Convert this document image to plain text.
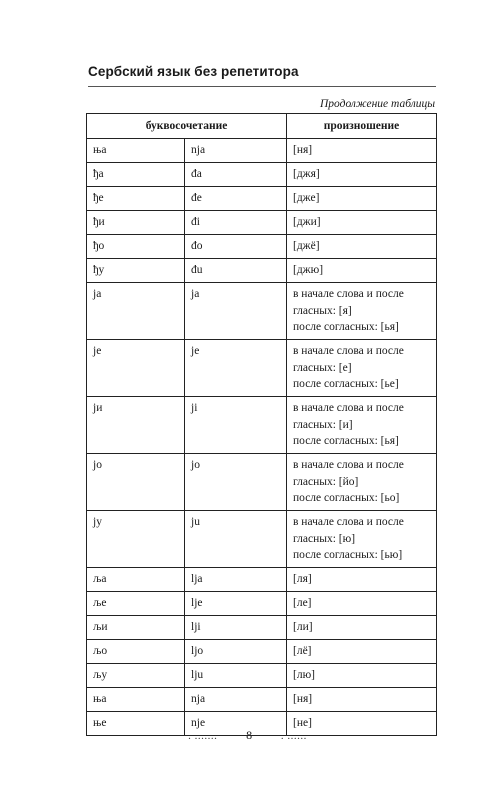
Сербский язык без репетитора
Продолжение таблицы
буквосочетание		произношение
ња	nja	[ня]

ђа	đa	[джя]

ђе	đe	[дже]

ђи	đi	[джи]

ђо	đo	[джё]

ђу	đu	[джю]

ја	ja	в начале слова и после
гласных: [я]
после согласных: [ья]

је	je	в начале слова и после
гласных: [е]
после согласных: [ье]

ји	ji	в начале слова и после
гласных: [и]
после согласных: [ья]

јо	jo	в начале слова и после
гласных: [йо]
после согласных: [ьо]

ју	ju	в начале слова и после
гласных: [ю]
после согласных: [ью]

ља	lja	[ля]

ље	lje	[ле]

љи	lji	[ли]

љо	ljo	[лё]

љу	lju	[лю]

ња	nja	[ня]

ње	nje	[не]
. ....... 8	. ......
